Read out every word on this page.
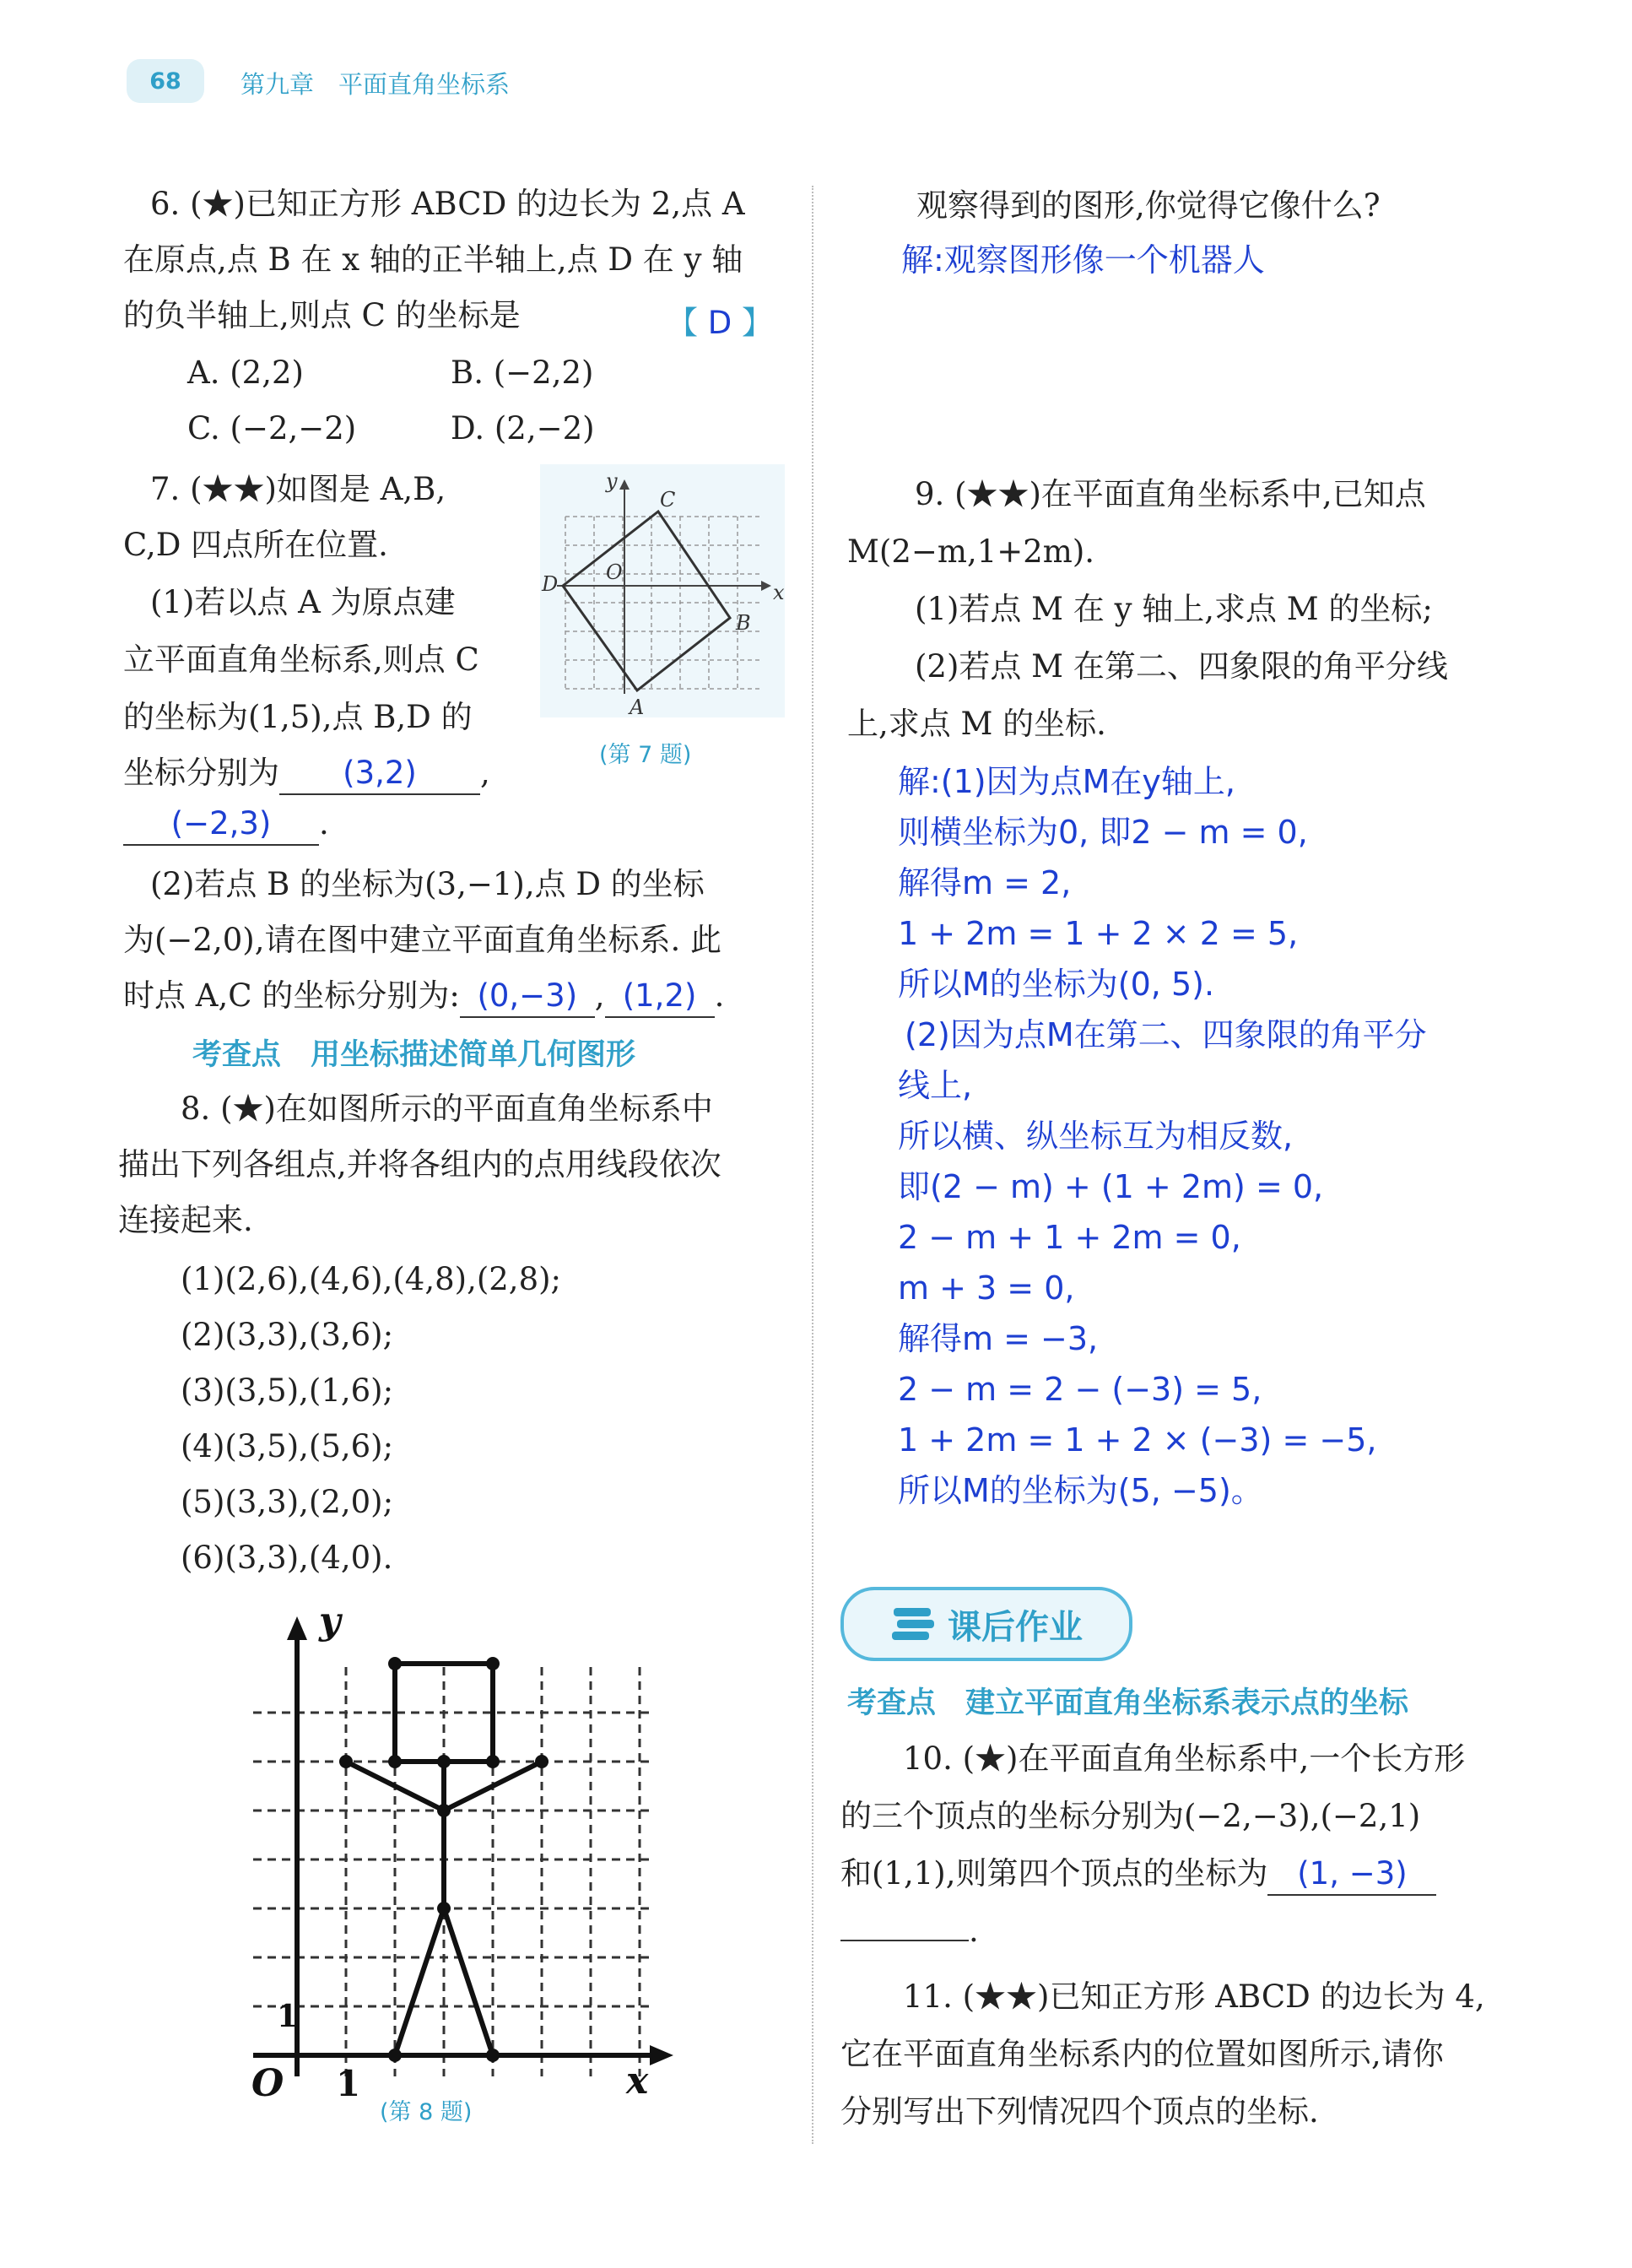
68	第九章　平面直角坐标系
6. (★)已知正方形 ABCD 的边长为 2,点 A
在原点,点 B 在 x 轴的正半轴上,点 D 在 y 轴
的负半轴上,则点 C 的坐标是	【 D 】
A. (2,2)	B. (−2,2)
C. (−2,−2)	D. (2,−2)
7. (★★)如图是 A,B,
C,D 四点所在位置.
(1)若以点 A 为原点建
立平面直角坐标系,则点 C
的坐标为(1,5),点 B,D 的
坐标分别为 (3,2) ,
(−2,3) .
(2)若点 B 的坐标为(3,−1),点 D 的坐标
为(−2,0),请在图中建立平面直角坐标系. 此
时点 A,C 的坐标分别为: (0,−3) , (1,2) .
y
x
O
C
B
D
A
(第 7 题)
考查点　用坐标描述简单几何图形
8. (★)在如图所示的平面直角坐标系中
描出下列各组点,并将各组内的点用线段依次
连接起来.
(1)(2,6),(4,6),(4,8),(2,8);
(2)(3,3),(3,6);
(3)(3,5),(1,6);
(4)(3,5),(5,6);
(5)(3,3),(2,0);
(6)(3,3),(4,0).
y
x
O 1
1
(第 8 题)
观察得到的图形,你觉得它像什么?
解:观察图形像一个机器人
9. (★★)在平面直角坐标系中,已知点
M(2−m,1+2m).
(1)若点 M 在 y 轴上,求点 M 的坐标;
(2)若点 M 在第二、四象限的角平分线
上,求点 M 的坐标.
解:(1)因为点M在y轴上,
则横坐标为0, 即2 − m = 0,
解得m = 2,
1 + 2m = 1 + 2 × 2 = 5,
所以M的坐标为(0, 5).
(2)因为点M在第二、四象限的角平分
线上,
所以横、纵坐标互为相反数,
即(2 − m) + (1 + 2m) = 0,
2 − m + 1 + 2m = 0,
m + 3 = 0,
解得m = −3,
2 − m = 2 − (−3) = 5,
1 + 2m = 1 + 2 × (−3) = −5,
所以M的坐标为(5, −5)。
课后作业
考查点　建立平面直角坐标系表示点的坐标
10. (★)在平面直角坐标系中,一个长方形
的三个顶点的坐标分别为(−2,−3),(−2,1)
和(1,1),则第四个顶点的坐标为 (1, −3)
.
11. (★★)已知正方形 ABCD 的边长为 4,
它在平面直角坐标系内的位置如图所示,请你
分别写出下列情况四个顶点的坐标.
